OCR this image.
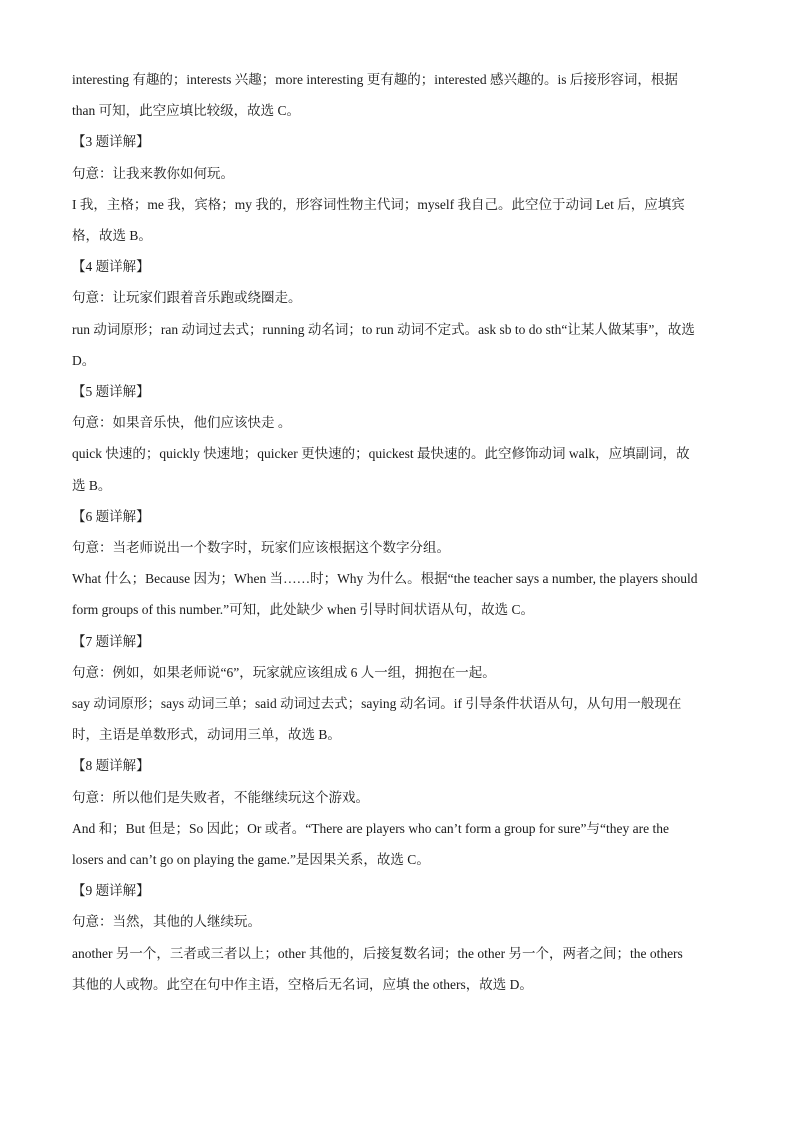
interesting 有趣的；interests 兴趣；more interesting 更有趣的；interested 感兴趣的。is 后接形容词，根据
than 可知，此空应填比较级，故选 C。
【3 题详解】
句意：让我来教你如何玩。
I 我，主格；me 我，宾格；my 我的，形容词性物主代词；myself 我自己。此空位于动词 Let 后，应填宾
格，故选 B。
【4 题详解】
句意：让玩家们跟着音乐跑或绕圈走。
run 动词原形；ran 动词过去式；running 动名词；to run 动词不定式。ask sb to do sth“让某人做某事”，故选
D。
【5 题详解】
句意：如果音乐快，他们应该快走 。
quick 快速的；quickly 快速地；quicker 更快速的；quickest 最快速的。此空修饰动词 walk，应填副词，故
选 B。
【6 题详解】
句意：当老师说出一个数字时，玩家们应该根据这个数字分组。
What 什么；Because 因为；When 当……时；Why 为什么。根据“the teacher says a number, the players should
form groups of this number.”可知，此处缺少 when 引导时间状语从句，故选 C。
【7 题详解】
句意：例如，如果老师说“6”，玩家就应该组成 6 人一组，拥抱在一起。
say 动词原形；says 动词三单；said 动词过去式；saying 动名词。if 引导条件状语从句，从句用一般现在
时，主语是单数形式，动词用三单，故选 B。
【8 题详解】
句意：所以他们是失败者，不能继续玩这个游戏。
And 和；But 但是；So 因此；Or 或者。“There are players who can’t form a group for sure”与“they are the
losers and can’t go on playing the game.”是因果关系，故选 C。
【9 题详解】
句意：当然，其他的人继续玩。
another 另一个，三者或三者以上；other 其他的，后接复数名词；the other 另一个，两者之间；the others
其他的人或物。此空在句中作主语，空格后无名词，应填 the others，故选 D。
